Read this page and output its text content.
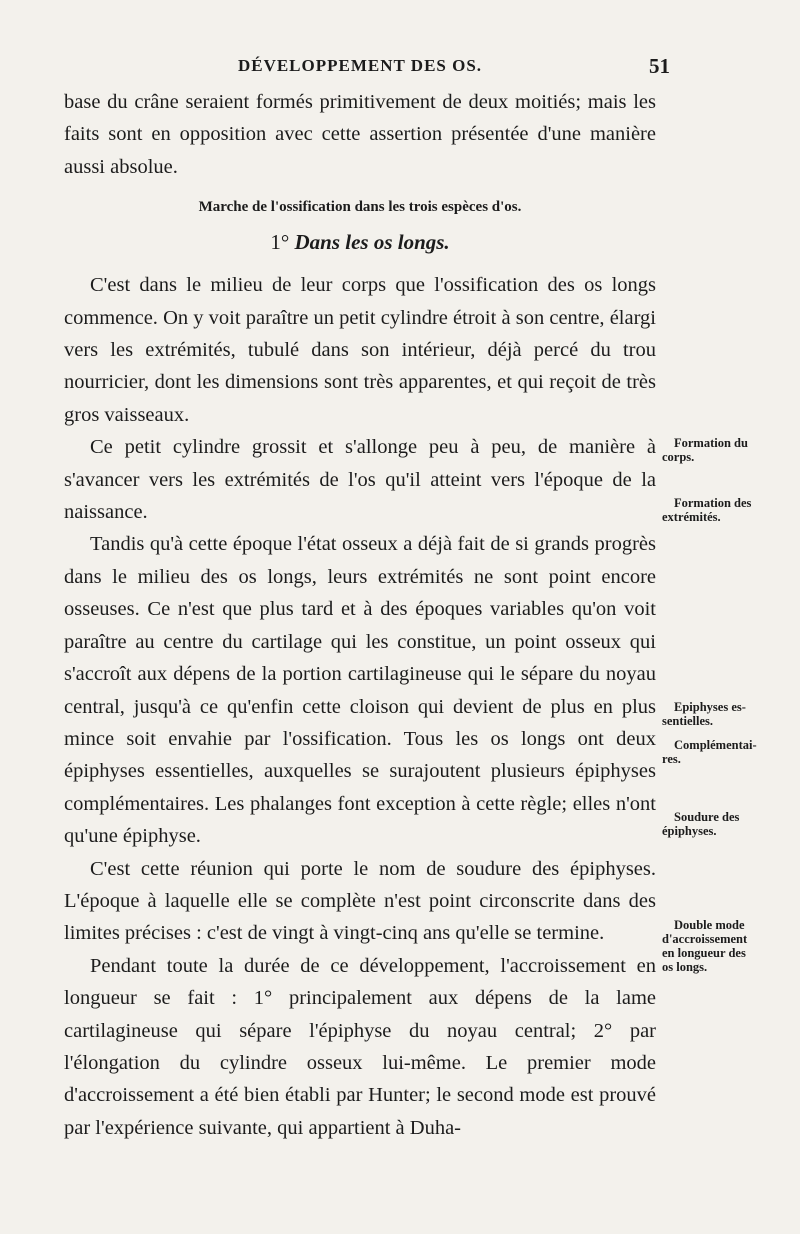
DÉVELOPPEMENT DES OS.	51

base du crâne seraient formés primitivement de deux moitiés; mais les faits sont en opposition avec cette assertion présentée d'une manière aussi absolue.

Marche de l'ossification dans les trois espèces d'os.
1° Dans les os longs.

C'est dans le milieu de leur corps que l'ossification des os longs commence. On y voit paraître un petit cylindre étroit à son centre, élargi vers les extrémités, tubulé dans son intérieur, déjà percé du trou nourricier, dont les dimensions sont très apparentes, et qui reçoit de très gros vaisseaux.

Ce petit cylindre grossit et s'allonge peu à peu, de manière à s'avancer vers les extrémités de l'os qu'il atteint vers l'époque de la naissance.

Tandis qu'à cette époque l'état osseux a déjà fait de si grands progrès dans le milieu des os longs, leurs extrémités ne sont point encore osseuses. Ce n'est que plus tard et à des époques variables qu'on voit paraître au centre du cartilage qui les constitue, un point osseux qui s'accroît aux dépens de la portion cartilagineuse qui le sépare du noyau central, jusqu'à ce qu'enfin cette cloison qui devient de plus en plus mince soit envahie par l'ossification. Tous les os longs ont deux épiphyses essentielles, auxquelles se surajoutent plusieurs épiphyses complémentaires. Les phalanges font exception à cette règle; elles n'ont qu'une épiphyse.

C'est cette réunion qui porte le nom de soudure des épiphyses. L'époque à laquelle elle se complète n'est point circonscrite dans des limites précises : c'est de vingt à vingt-cinq ans qu'elle se termine.

Pendant toute la durée de ce développement, l'accroissement en longueur se fait : 1° principalement aux dépens de la lame cartilagineuse qui sépare l'épiphyse du noyau central; 2° par l'élongation du cylindre osseux lui-même. Le premier mode d'accroissement a été bien établi par Hunter; le second mode est prouvé par l'expérience suivante, qui appartient à Duha-

Formation du
corps.
Formation des
extrémités.
Epiphyses es-
sentielles.
Complémentai-
res.
Soudure des
épiphyses.
Double mode
d'accroissement
en longueur des
os longs.
